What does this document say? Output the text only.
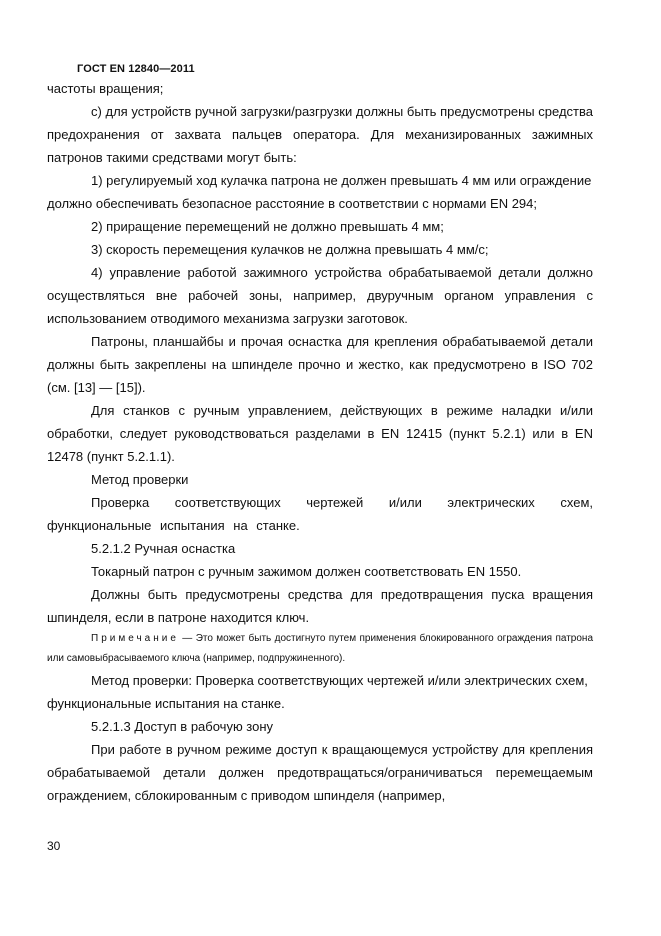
ГОСТ EN 12840—2011

частоты вращения;

с) для устройств ручной загрузки/разгрузки должны быть предусмотрены средства предохранения от захвата пальцев оператора. Для механизированных зажимных патронов такими средствами могут быть:

1) регулируемый ход кулачка патрона не должен превышать 4 мм или ограждение должно обеспечивать безопасное расстояние в соответствии с нормами EN 294;

2) приращение перемещений не должно превышать 4 мм;

3) скорость перемещения кулачков не должна превышать 4 мм/с;

4) управление работой зажимного устройства обрабатываемой детали должно осуществляться вне рабочей зоны, например, двуручным органом управления с использованием отводимого механизма загрузки заготовок.

Патроны, планшайбы и прочая оснастка для крепления обрабатываемой детали должны быть закреплены на шпинделе прочно и жестко, как предусмотрено в ISO 702 (см. [13] — [15]).

Для станков с ручным управлением, действующих в режиме наладки и/или обработки, следует руководствоваться разделами в EN 12415 (пункт 5.2.1) или в EN 12478 (пункт 5.2.1.1).

Метод проверки

Проверка соответствующих чертежей и/или электрических схем, функциональные испытания на станке.

5.2.1.2 Ручная оснастка

Токарный патрон с ручным зажимом должен соответствовать EN 1550.

Должны быть предусмотрены средства для предотвращения пуска вращения шпинделя, если в патроне находится ключ.

Примечание — Это может быть достигнуто путем применения блокированного ограждения патрона или самовыбрасываемого ключа (например, подпружиненного).

Метод проверки: Проверка соответствующих чертежей и/или электрических схем, функциональные испытания на станке.

5.2.1.3 Доступ в рабочую зону

При работе в ручном режиме доступ к вращающемуся устройству для крепления обрабатываемой детали должен предотвращаться/ограничиваться перемещаемым ограждением, сблокированным с приводом шпинделя (например,

30
